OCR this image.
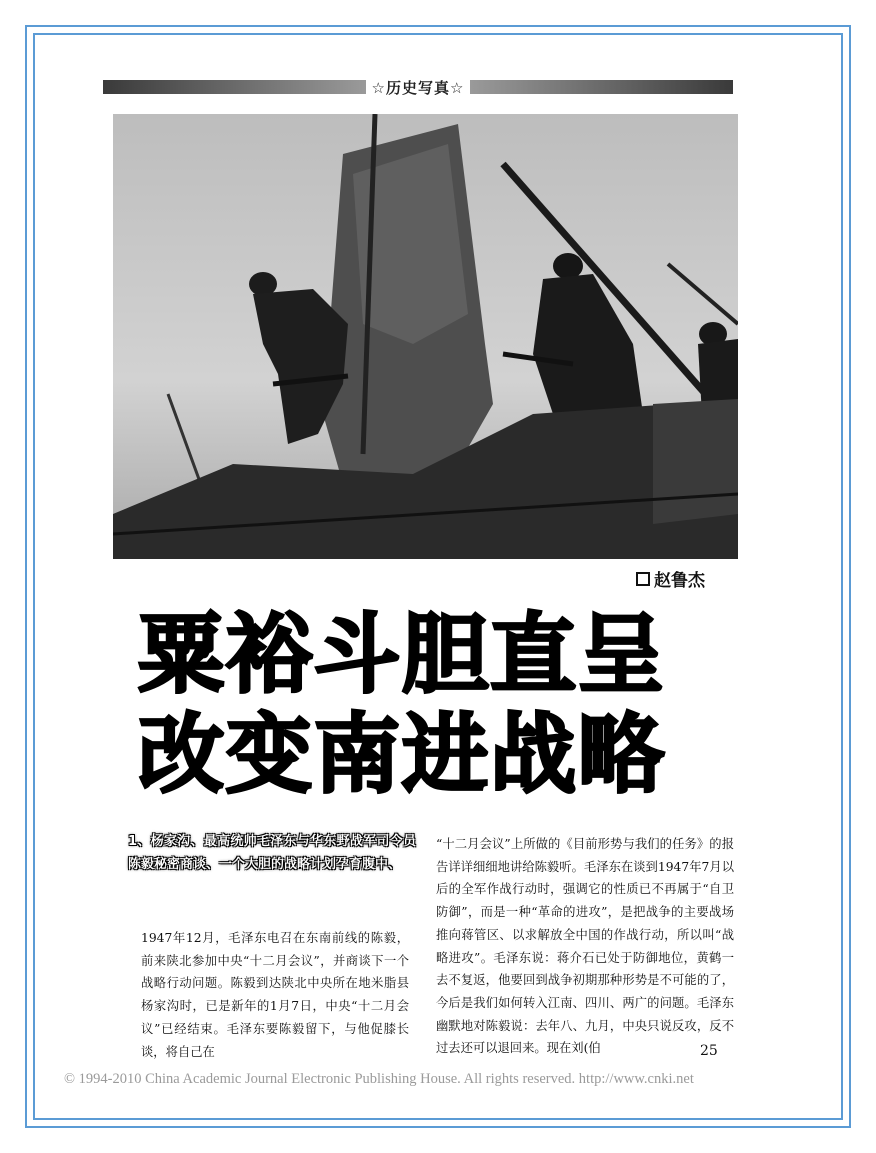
☆历史写真☆
赵鲁杰
粟裕斗胆直呈
改变南进战略
1、杨家沟、最高统帅毛泽东与华东野战军司令员陈毅秘密商谈、一个大胆的战略计划孕育腹中、
1947年12月，毛泽东电召在东南前线的陈毅，前来陕北参加中央“十二月会议”，并商谈下一个战略行动问题。陈毅到达陕北中央所在地米脂县杨家沟时，已是新年的1月7日，中央“十二月会议”已经结束。毛泽东要陈毅留下，与他促膝长谈，将自己在
“十二月会议”上所做的《目前形势与我们的任务》的报告详详细细地讲给陈毅听。毛泽东在谈到1947年7月以后的全军作战行动时，强调它的性质已不再属于“自卫防御”，而是一种“革命的进攻”，是把战争的主要战场推向蒋管区、以求解放全中国的作战行动，所以叫“战略进攻”。毛泽东说：蒋介石已处于防御地位，黄鹤一去不复返，他要回到战争初期那种形势是不可能的了，今后是我们如何转入江南、四川、两广的问题。毛泽东幽默地对陈毅说：去年八、九月，中央只说反攻，反不过去还可以退回来。现在刘(伯	25
© 1994-2010 China Academic Journal Electronic Publishing House. All rights reserved. http://www.cnki.net
